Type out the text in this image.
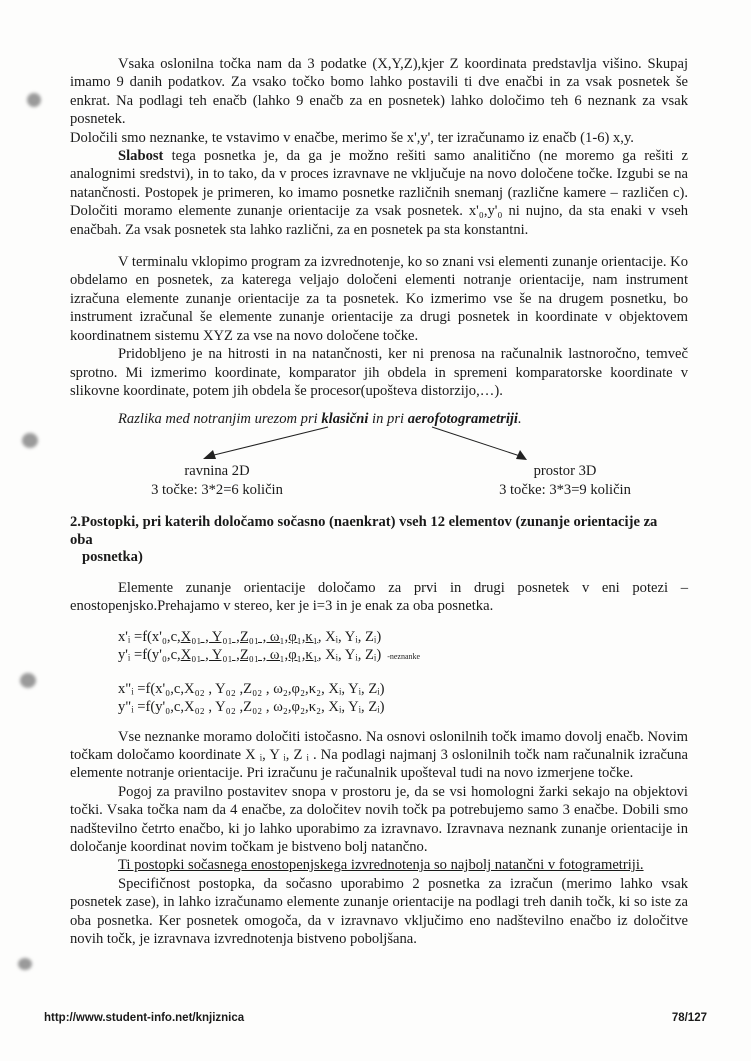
Vsaka oslonilna točka nam da 3 podatke (X,Y,Z),kjer Z koordinata predstavlja višino. Skupaj imamo 9 danih podatkov. Za vsako točko bomo lahko postavili ti dve enačbi in za vsak posnetek še enkrat. Na podlagi teh enačb (lahko 9 enačb za en posnetek) lahko določimo teh 6 neznank za vsak posnetek.

Določili smo neznanke, te vstavimo v enačbe, merimo še x',y', ter izračunamo iz enačb (1-6) x,y.

Slabost tega posnetka je, da ga je možno rešiti samo analitično (ne moremo ga rešiti z analognimi sredstvi), in to tako, da v proces izravnave ne vključuje na novo določene točke. Izgubi se na natančnosti. Postopek je primeren, ko imamo posnetke različnih snemanj (različne kamere – različen c). Določiti moramo elemente zunanje orientacije za vsak posnetek. x'₀,y'₀ ni nujno, da sta enaki v vseh enačbah. Za vsak posnetek sta lahko različni, za en posnetek pa sta konstantni.

V terminalu vklopimo program za izvrednotenje, ko so znani vsi elementi zunanje orientacije. Ko obdelamo en posnetek, za katerega veljajo določeni elementi notranje orientacije, nam instrument izračuna elemente zunanje orientacije za ta posnetek. Ko izmerimo vse še na drugem posnetku, bo instrument izračunal še elemente zunanje orientacije za drugi posnetek in koordinate v objektovem koordinatnem sistemu XYZ za vse na novo določene točke.

Pridobljeno je na hitrosti in na natančnosti, ker ni prenosa na računalnik lastnoročno, temveč sprotno. Mi izmerimo koordinate, komparator jih obdela in spremeni komparatorske koordinate v slikovne koordinate, potem jih obdela še procesor(upošteva distorzijo,…).

Razlika med notranjim urezom pri klasični in pri aerofotogrametriji.
ravnina 2D
3 točke: 3*2=6 količin
prostor 3D
3 točke: 3*3=9 količin
2.Postopki, pri katerih določamo sočasno (naenkrat) vseh 12 elementov (zunanje orientacije za
oba
posnetka)

Elemente zunanje orientacije določamo za prvi in drugi posnetek v eni potezi – enostopenjsko.Prehajamo v stereo, ker je i=3 in je enak za oba posnetka.

x'ᵢ =f(x'₀,c,X₀₁ , Y₀₁ ,Z₀₁ , ω₁,φ₁,κ₁, Xᵢ, Yᵢ, Zᵢ)
y'ᵢ =f(y'₀,c,X₀₁ , Y₀₁ ,Z₀₁ , ω₁,φ₁,κ₁, Xᵢ, Yᵢ, Zᵢ) -neznanke
x"ᵢ =f(x'₀,c,X₀₂ , Y₀₂ ,Z₀₂ , ω₂,φ₂,κ₂, Xᵢ, Yᵢ, Zᵢ)
y"ᵢ =f(y'₀,c,X₀₂ , Y₀₂ ,Z₀₂ , ω₂,φ₂,κ₂, Xᵢ, Yᵢ, Zᵢ)

Vse neznanke moramo določiti istočasno. Na osnovi oslonilnih točk imamo dovolj enačb. Novim točkam določamo koordinate X ᵢ, Y ᵢ, Z ᵢ . Na podlagi najmanj 3 oslonilnih točk nam računalnik izračuna elemente notranje orientacije. Pri izračunu je računalnik upošteval tudi na novo izmerjene točke.

Pogoj za pravilno postavitev snopa v prostoru je, da se vsi homologni žarki sekajo na objektovi točki. Vsaka točka nam da 4 enačbe, za določitev novih točk pa potrebujemo samo 3 enačbe. Dobili smo nadštevilno četrto enačbo, ki jo lahko uporabimo za izravnavo. Izravnava neznank zunanje orientacije in določanje koordinat novim točkam je bistveno bolj natančno.

Ti postopki sočasnega enostopenjskega izvrednotenja so najbolj natančni v fotogrametriji.

Specifičnost postopka, da sočasno uporabimo 2 posnetka za izračun (merimo lahko vsak posnetek zase), in lahko izračunamo elemente zunanje orientacije na podlagi treh danih točk, ki so iste za oba posnetka. Ker posnetek omogoča, da v izravnavo vključimo eno nadštevilno enačbo iz določitve novih točk, je izravnava izvrednotenja bistveno poboljšana.

http://www.student-info.net/knjiznica	78/127
